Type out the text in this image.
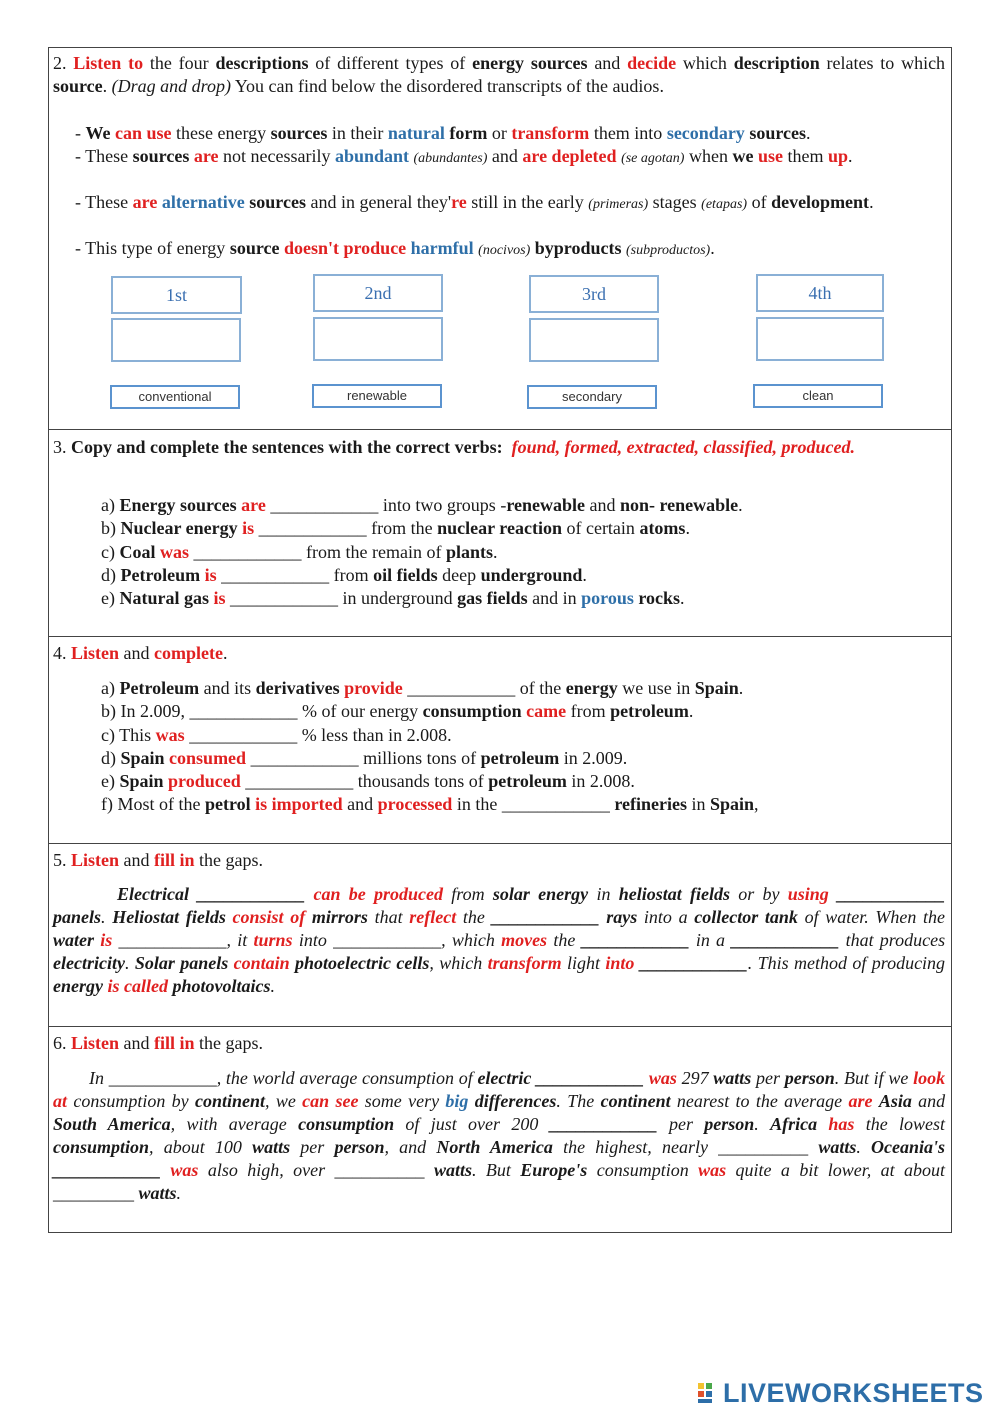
2. Listen to the four descriptions of different types of energy sources and decide which description relates to which source. (Drag and drop) You can find below the disordered transcripts of the audios.
- We can use these energy sources in their natural form or transform them into secondary sources.
- These sources are not necessarily abundant (abundantes) and are depleted (se agotan) when we use them up.
- These are alternative sources and in general they're still in the early (primeras) stages (etapas) of development.
- This type of energy source doesn't produce harmful (nocivos) byproducts (subproductos).
1st	2nd	3rd	4th
conventional	renewable	secondary	clean
3. Copy and complete the sentences with the correct verbs: found, formed, extracted, classified, produced.
a) Energy sources are ____________ into two groups -renewable and non- renewable.
b) Nuclear energy is ____________ from the nuclear reaction of certain atoms.
c) Coal was ____________ from the remain of plants.
d) Petroleum is ____________ from oil fields deep underground.
e) Natural gas is ____________ in underground gas fields and in porous rocks.
4. Listen and complete.
a) Petroleum and its derivatives provide ____________ of the energy we use in Spain.
b) In 2.009, ____________ % of our energy consumption came from petroleum.
c) This was ____________ % less than in 2.008.
d) Spain consumed ____________ millions tons of petroleum in 2.009.
e) Spain produced ____________ thousands tons of petroleum in 2.008.
f) Most of the petrol is imported and processed in the ____________ refineries in Spain,
5. Listen and fill in the gaps.
Electrical ____________ can be produced from solar energy in heliostat fields or by using ____________ panels. Heliostat fields consist of mirrors that reflect the ____________ rays into a collector tank of water. When the water is ____________, it turns into ____________, which moves the ____________ in a ____________ that produces electricity. Solar panels contain photoelectric cells, which transform light into ____________. This method of producing energy is called photovoltaics.
6. Listen and fill in the gaps.
In ____________, the world average consumption of electric ____________ was 297 watts per person. But if we look at consumption by continent, we can see some very big differences. The continent nearest to the average are Asia and South America, with average consumption of just over 200 ____________ per person. Africa has the lowest consumption, about 100 watts per person, and North America the highest, nearly __________ watts. Oceania's ____________ was also high, over __________ watts. But Europe's consumption was quite a bit lower, at about _________ watts.
LIVEWORKSHEETS
